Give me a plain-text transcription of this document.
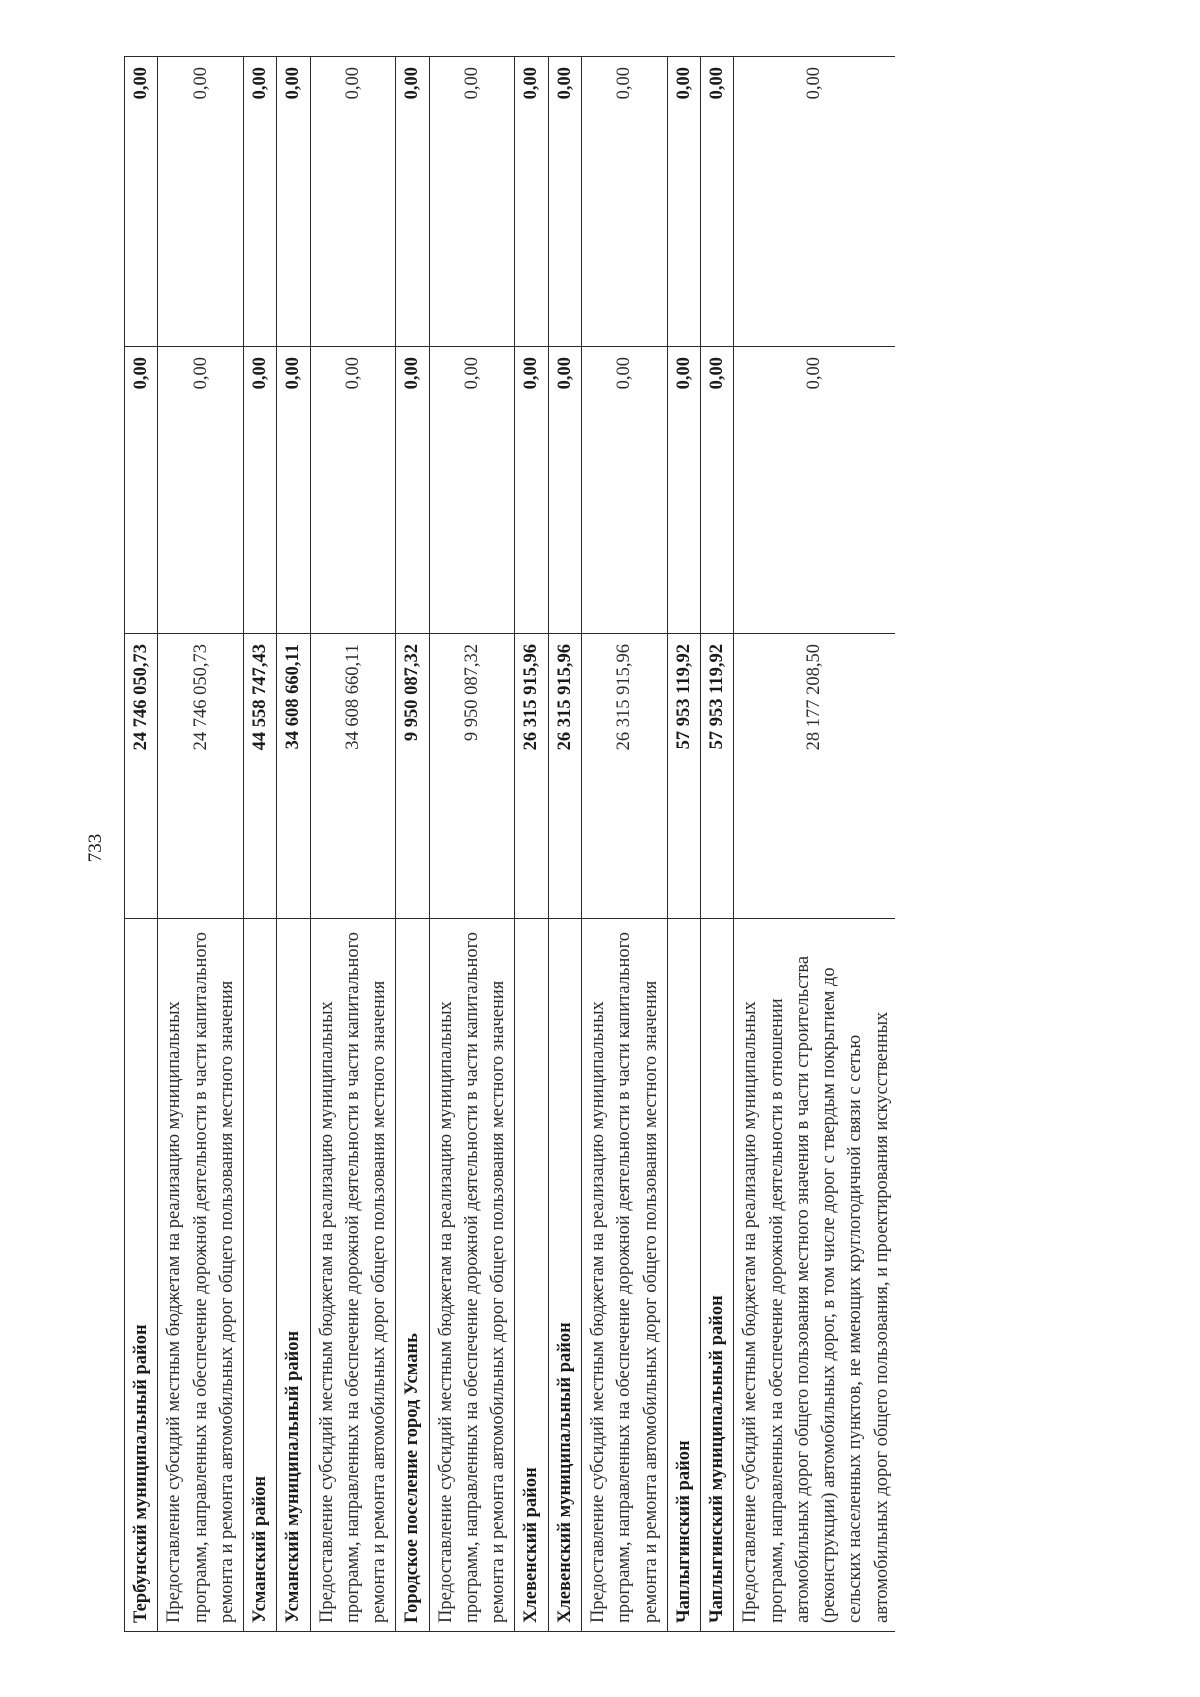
733
Тербунский муниципальный район	24 746 050,73	0,00	0,00
Предоставление субсидий местным бюджетам на реализацию муниципальных программ, направленных на обеспечение дорожной деятельности в части капитального ремонта и ремонта автомобильных дорог общего пользования местного значения	24 746 050,73	0,00	0,00
Усманский район	44 558 747,43	0,00	0,00
Усманский муниципальный район	34 608 660,11	0,00	0,00
Предоставление субсидий местным бюджетам на реализацию муниципальных программ, направленных на обеспечение дорожной деятельности в части капитального ремонта и ремонта автомобильных дорог общего пользования местного значения	34 608 660,11	0,00	0,00
Городское поселение город Усмань	9 950 087,32	0,00	0,00
Предоставление субсидий местным бюджетам на реализацию муниципальных программ, направленных на обеспечение дорожной деятельности в части капитального ремонта и ремонта автомобильных дорог общего пользования местного значения	9 950 087,32	0,00	0,00
Хлевенский район	26 315 915,96	0,00	0,00
Хлевенский муниципальный район	26 315 915,96	0,00	0,00
Предоставление субсидий местным бюджетам на реализацию муниципальных программ, направленных на обеспечение дорожной деятельности в части капитального ремонта и ремонта автомобильных дорог общего пользования местного значения	26 315 915,96	0,00	0,00
Чаплыгинский район	57 953 119,92	0,00	0,00
Чаплыгинский муниципальный район	57 953 119,92	0,00	0,00
Предоставление субсидий местным бюджетам на реализацию муниципальных программ, направленных на обеспечение дорожной деятельности в отношении автомобильных дорог общего пользования местного значения в части строительства (реконструкции) автомобильных дорог, в том числе дорог с твердым покрытием до сельских населенных пунктов, не имеющих круглогодичной связи с сетью автомобильных дорог общего пользования, и проектирования искусственных	28 177 208,50	0,00	0,00
